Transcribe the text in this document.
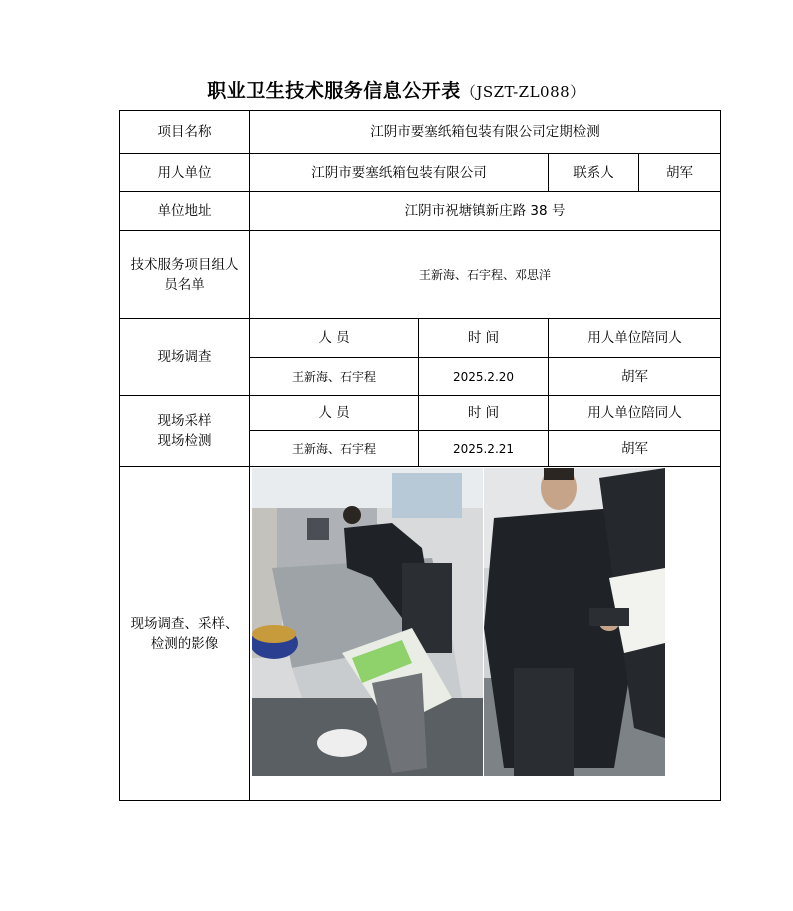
职业卫生技术服务信息公开表（JSZT-ZL088）
项目名称	江阴市要塞纸箱包装有限公司定期检测			
用人单位	江阴市要塞纸箱包装有限公司		联系人	胡军
单位地址	江阴市祝塘镇新庄路 38 号			
技术服务项目组人员名单	王新海、石宇程、邓思洋			
现场调查	人 员	时 间	用人单位陪同人	
	王新海、石宇程	2025.2.20	胡军	
现场采样
现场检测	人 员	时 间	用人单位陪同人	
	王新海、石宇程	2025.2.21	胡军	
现场调查、采样、检测的影像	
